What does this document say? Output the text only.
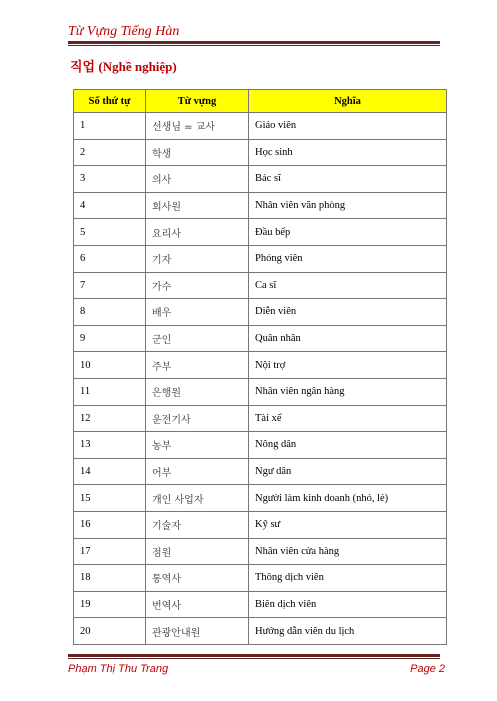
Từ Vựng Tiếng Hàn
직업 (Nghề nghiệp)
Số thứ tự	Từ vựng	Nghĩa
1	선생님 = 교사	Giáo viên
2	학생	Học sinh
3	의사	Bác sĩ
4	회사원	Nhân viên văn phòng
5	요리사	Đầu bếp
6	기자	Phóng viên
7	가수	Ca sĩ
8	배우	Diễn viên
9	군인	Quân nhân
10	주부	Nội trợ
11	은행원	Nhân viên ngân hàng
12	운전기사	Tài xế
13	농부	Nông dân
14	어부	Ngư dân
15	개인 사업자	Người làm kinh doanh (nhỏ, lẻ)
16	기술자	Kỹ sư
17	점원	Nhân viên cửa hàng
18	통역사	Thông dịch viên
19	번역사	Biên dịch viên
20	관광안내원	Hướng dẫn viên du lịch
Phạm Thị Thu Trang	Page 2
